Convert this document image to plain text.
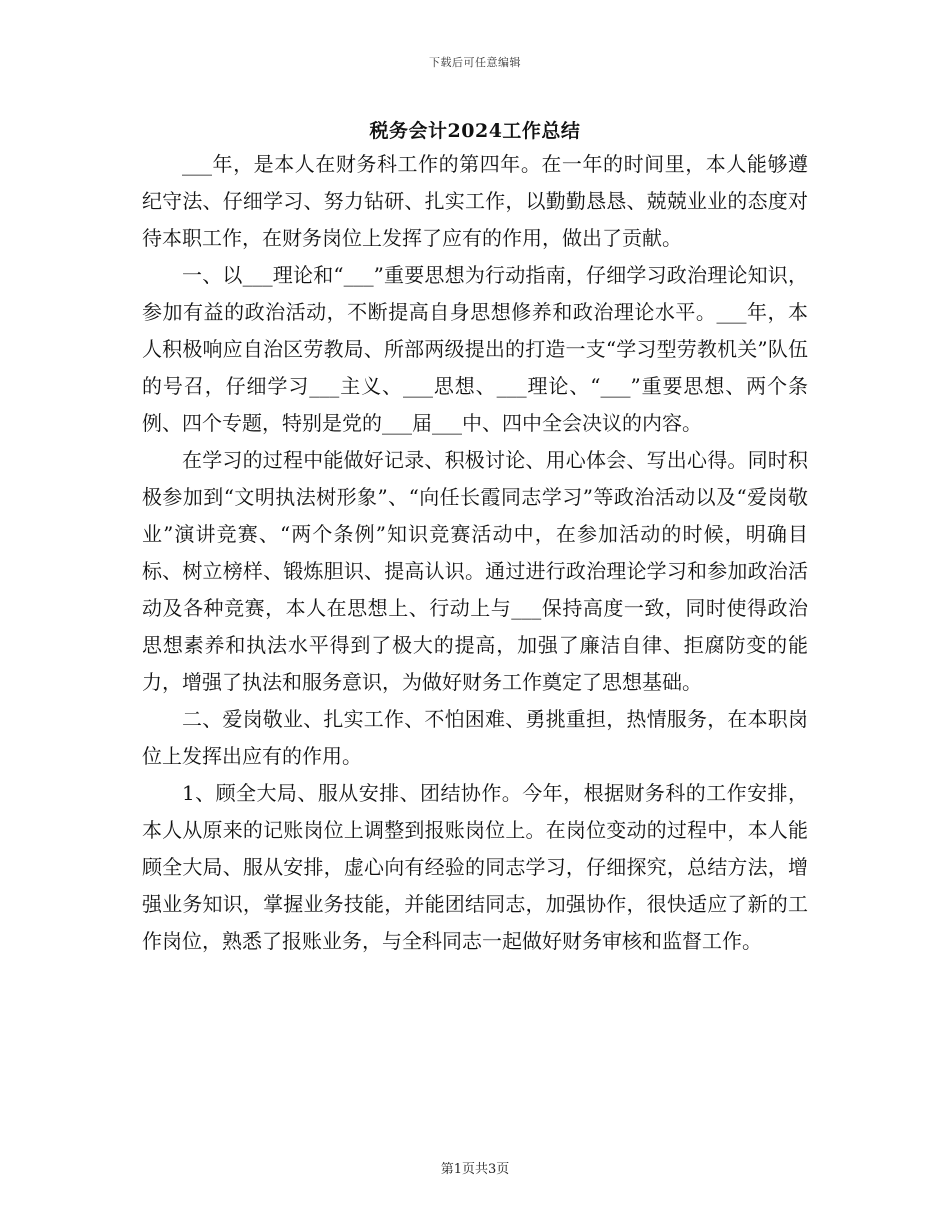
下载后可任意编辑
税务会计2024工作总结

___年，是本人在财务科工作的第四年。在一年的时间里，本人能够遵纪守法、仔细学习、努力钻研、扎实工作，以勤勤恳恳、兢兢业业的态度对待本职工作，在财务岗位上发挥了应有的作用，做出了贡献。

一、以___理论和“___”重要思想为行动指南，仔细学习政治理论知识，参加有益的政治活动，不断提高自身思想修养和政治理论水平。___年，本人积极响应自治区劳教局、所部两级提出的打造一支“学习型劳教机关”队伍的号召，仔细学习___主义、___思想、___理论、“___”重要思想、两个条例、四个专题，特别是党的___届___中、四中全会决议的内容。

在学习的过程中能做好记录、积极讨论、用心体会、写出心得。同时积极参加到“文明执法树形象”、“向任长霞同志学习”等政治活动以及“爱岗敬业”演讲竞赛、“两个条例”知识竞赛活动中，在参加活动的时候，明确目标、树立榜样、锻炼胆识、提高认识。通过进行政治理论学习和参加政治活动及各种竞赛，本人在思想上、行动上与___保持高度一致，同时使得政治思想素养和执法水平得到了极大的提高，加强了廉洁自律、拒腐防变的能力，增强了执法和服务意识，为做好财务工作奠定了思想基础。

二、爱岗敬业、扎实工作、不怕困难、勇挑重担，热情服务，在本职岗位上发挥出应有的作用。

1、顾全大局、服从安排、团结协作。今年，根据财务科的工作安排，本人从原来的记账岗位上调整到报账岗位上。在岗位变动的过程中，本人能顾全大局、服从安排，虚心向有经验的同志学习，仔细探究，总结方法，增强业务知识，掌握业务技能，并能团结同志，加强协作，很快适应了新的工作岗位，熟悉了报账业务，与全科同志一起做好财务审核和监督工作。

第1页共3页
